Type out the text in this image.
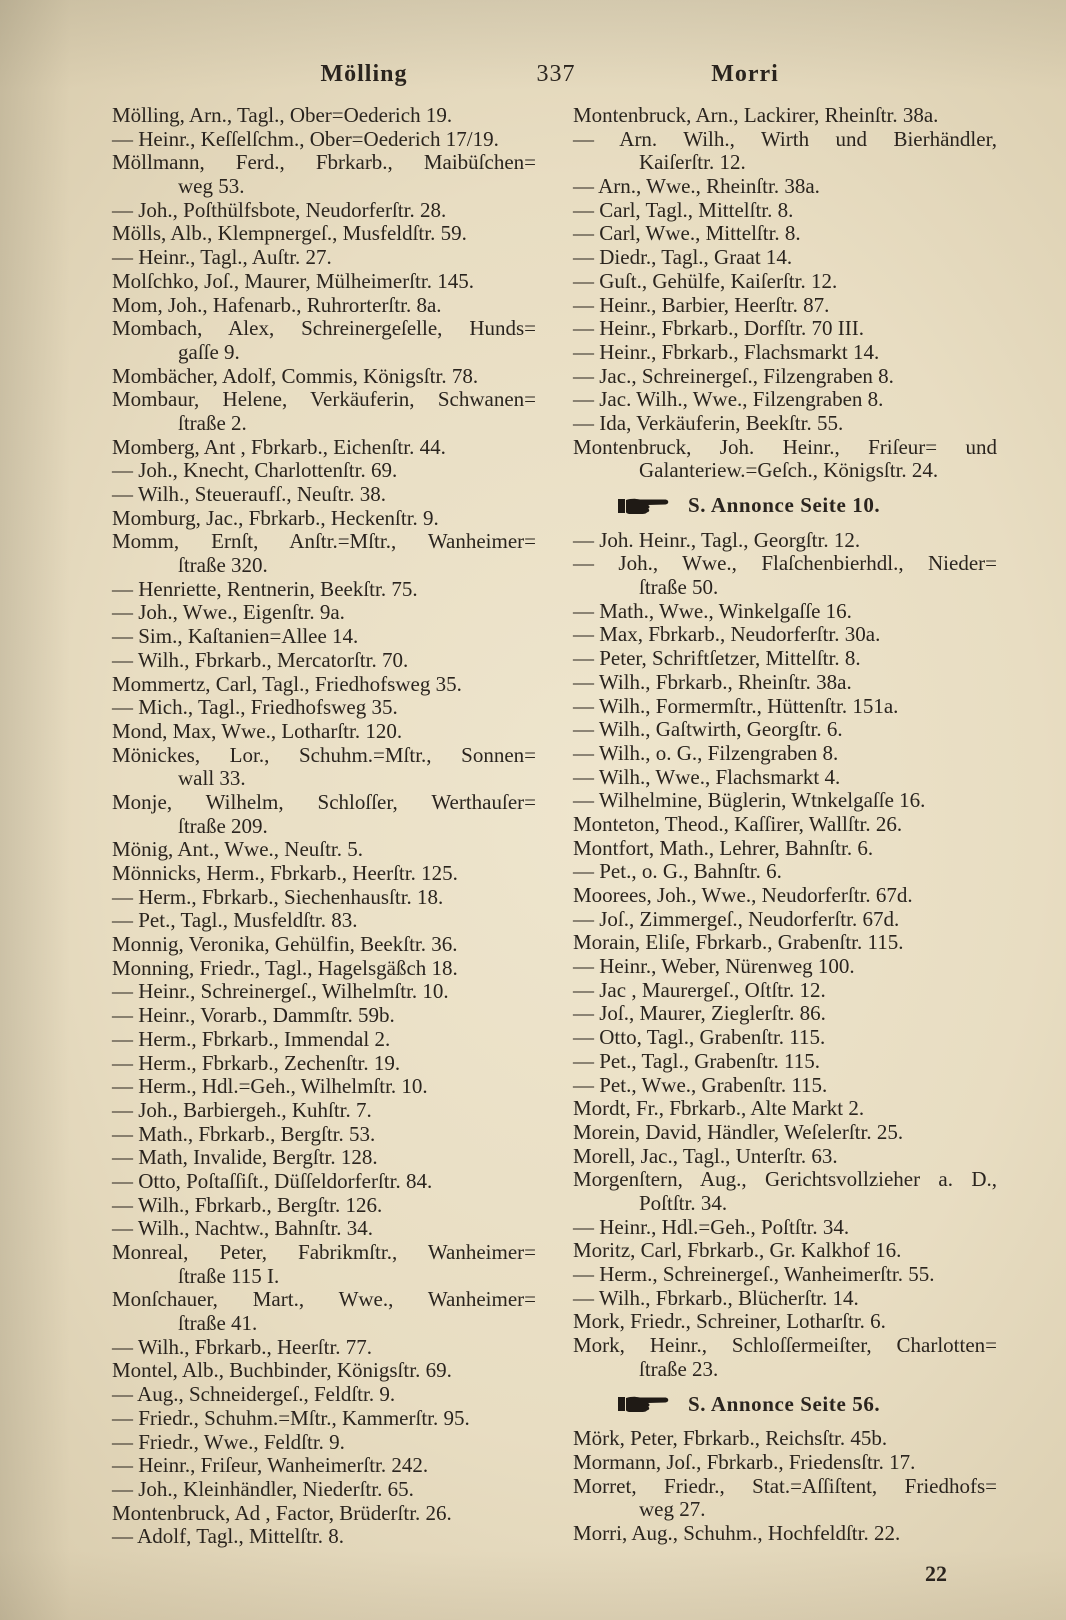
Mölling	337	Morri
Mölling, Arn., Tagl., Ober=Oederich 19.
— Heinr., Keſſelſchm., Ober=Oederich 17/19.
Möllmann, Ferd., Fbrkarb., Maibüſchen=
weg 53.
— Joh., Poſthülfsbote, Neudorferſtr. 28.
Mölls, Alb., Klempnergeſ., Musfeldſtr. 59.
— Heinr., Tagl., Auſtr. 27.
Molſchko, Joſ., Maurer, Mülheimerſtr. 145.
Mom, Joh., Hafenarb., Ruhrorterſtr. 8a.
Mombach, Alex, Schreinergeſelle, Hunds=
gaſſe 9.
Mombächer, Adolf, Commis, Königsſtr. 78.
Mombaur, Helene, Verkäuferin, Schwanen=
ſtraße 2.
Momberg, Ant , Fbrkarb., Eichenſtr. 44.
— Joh., Knecht, Charlottenſtr. 69.
— Wilh., Steueraufſ., Neuſtr. 38.
Momburg, Jac., Fbrkarb., Heckenſtr. 9.
Momm, Ernſt, Anſtr.=Mſtr., Wanheimer=
ſtraße 320.
— Henriette, Rentnerin, Beekſtr. 75.
— Joh., Wwe., Eigenſtr. 9a.
— Sim., Kaſtanien=Allee 14.
— Wilh., Fbrkarb., Mercatorſtr. 70.
Mommertz, Carl, Tagl., Friedhofsweg 35.
— Mich., Tagl., Friedhofsweg 35.
Mond, Max, Wwe., Lotharſtr. 120.
Mönickes, Lor., Schuhm.=Mſtr., Sonnen=
wall 33.
Monje, Wilhelm, Schloſſer, Werthauſer=
ſtraße 209.
Mönig, Ant., Wwe., Neuſtr. 5.
Mönnicks, Herm., Fbrkarb., Heerſtr. 125.
— Herm., Fbrkarb., Siechenhausſtr. 18.
— Pet., Tagl., Musfeldſtr. 83.
Monnig, Veronika, Gehülfin, Beekſtr. 36.
Monning, Friedr., Tagl., Hagelsgäßch 18.
— Heinr., Schreinergeſ., Wilhelmſtr. 10.
— Heinr., Vorarb., Dammſtr. 59b.
— Herm., Fbrkarb., Immendal 2.
— Herm., Fbrkarb., Zechenſtr. 19.
— Herm., Hdl.=Geh., Wilhelmſtr. 10.
— Joh., Barbiergeh., Kuhſtr. 7.
— Math., Fbrkarb., Bergſtr. 53.
— Math, Invalide, Bergſtr. 128.
— Otto, Poſtaſſiſt., Düſſeldorferſtr. 84.
— Wilh., Fbrkarb., Bergſtr. 126.
— Wilh., Nachtw., Bahnſtr. 34.
Monreal, Peter, Fabrikmſtr., Wanheimer=
ſtraße 115 I.
Monſchauer, Mart., Wwe., Wanheimer=
ſtraße 41.
— Wilh., Fbrkarb., Heerſtr. 77.
Montel, Alb., Buchbinder, Königsſtr. 69.
— Aug., Schneidergeſ., Feldſtr. 9.
— Friedr., Schuhm.=Mſtr., Kammerſtr. 95.
— Friedr., Wwe., Feldſtr. 9.
— Heinr., Friſeur, Wanheimerſtr. 242.
— Joh., Kleinhändler, Niederſtr. 65.
Montenbruck, Ad , Factor, Brüderſtr. 26.
— Adolf, Tagl., Mittelſtr. 8.
Montenbruck, Arn., Lackirer, Rheinſtr. 38a.
— Arn. Wilh., Wirth und Bierhändler,
Kaiſerſtr. 12.
— Arn., Wwe., Rheinſtr. 38a.
— Carl, Tagl., Mittelſtr. 8.
— Carl, Wwe., Mittelſtr. 8.
— Diedr., Tagl., Graat 14.
— Guſt., Gehülfe, Kaiſerſtr. 12.
— Heinr., Barbier, Heerſtr. 87.
— Heinr., Fbrkarb., Dorfſtr. 70 III.
— Heinr., Fbrkarb., Flachsmarkt 14.
— Jac., Schreinergeſ., Filzengraben 8.
— Jac. Wilh., Wwe., Filzengraben 8.
— Ida, Verkäuferin, Beekſtr. 55.
Montenbruck, Joh. Heinr., Friſeur= und
Galanteriew.=Geſch., Königsſtr. 24.
S. Annonce Seite 10.
— Joh. Heinr., Tagl., Georgſtr. 12.
— Joh., Wwe., Flaſchenbierhdl., Nieder=
ſtraße 50.
— Math., Wwe., Winkelgaſſe 16.
— Max, Fbrkarb., Neudorferſtr. 30a.
— Peter, Schriftſetzer, Mittelſtr. 8.
— Wilh., Fbrkarb., Rheinſtr. 38a.
— Wilh., Formermſtr., Hüttenſtr. 151a.
— Wilh., Gaſtwirth, Georgſtr. 6.
— Wilh., o. G., Filzengraben 8.
— Wilh., Wwe., Flachsmarkt 4.
— Wilhelmine, Büglerin, Wtnkelgaſſe 16.
Monteton, Theod., Kaſſirer, Wallſtr. 26.
Montfort, Math., Lehrer, Bahnſtr. 6.
— Pet., o. G., Bahnſtr. 6.
Moorees, Joh., Wwe., Neudorferſtr. 67d.
— Joſ., Zimmergeſ., Neudorferſtr. 67d.
Morain, Eliſe, Fbrkarb., Grabenſtr. 115.
— Heinr., Weber, Nürenweg 100.
— Jac , Maurergeſ., Oſtſtr. 12.
— Joſ., Maurer, Zieglerſtr. 86.
— Otto, Tagl., Grabenſtr. 115.
— Pet., Tagl., Grabenſtr. 115.
— Pet., Wwe., Grabenſtr. 115.
Mordt, Fr., Fbrkarb., Alte Markt 2.
Morein, David, Händler, Weſelerſtr. 25.
Morell, Jac., Tagl., Unterſtr. 63.
Morgenſtern, Aug., Gerichtsvollzieher a. D.,
Poſtſtr. 34.
— Heinr., Hdl.=Geh., Poſtſtr. 34.
Moritz, Carl, Fbrkarb., Gr. Kalkhof 16.
— Herm., Schreinergeſ., Wanheimerſtr. 55.
— Wilh., Fbrkarb., Blücherſtr. 14.
Mork, Friedr., Schreiner, Lotharſtr. 6.
Mork, Heinr., Schloſſermeiſter, Charlotten=
ſtraße 23.
S. Annonce Seite 56.
Mörk, Peter, Fbrkarb., Reichsſtr. 45b.
Mormann, Joſ., Fbrkarb., Friedensſtr. 17.
Morret, Friedr., Stat.=Aſſiſtent, Friedhofs=
weg 27.
Morri, Aug., Schuhm., Hochfeldſtr. 22.
22
